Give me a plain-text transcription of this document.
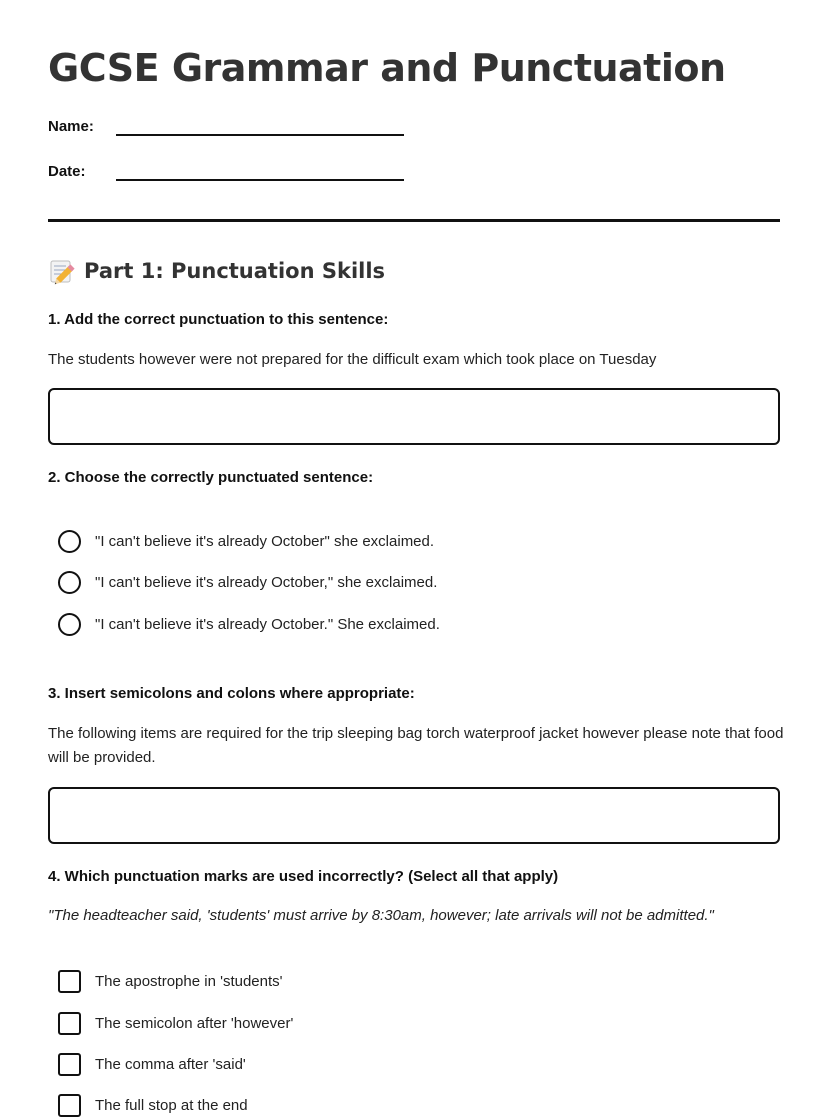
GCSE Grammar and Punctuation
Name:
Date:
Part 1: Punctuation Skills
1. Add the correct punctuation to this sentence:
The students however were not prepared for the difficult exam which took place on Tuesday
2. Choose the correctly punctuated sentence:
"I can't believe it's already October" she exclaimed.
"I can't believe it's already October," she exclaimed.
"I can't believe it's already October." She exclaimed.
3. Insert semicolons and colons where appropriate:
The following items are required for the trip sleeping bag torch waterproof jacket however please note that food will be provided.
4. Which punctuation marks are used incorrectly? (Select all that apply)
"The headteacher said, 'students' must arrive by 8:30am, however; late arrivals will not be admitted."
The apostrophe in 'students'
The semicolon after 'however'
The comma after 'said'
The full stop at the end
